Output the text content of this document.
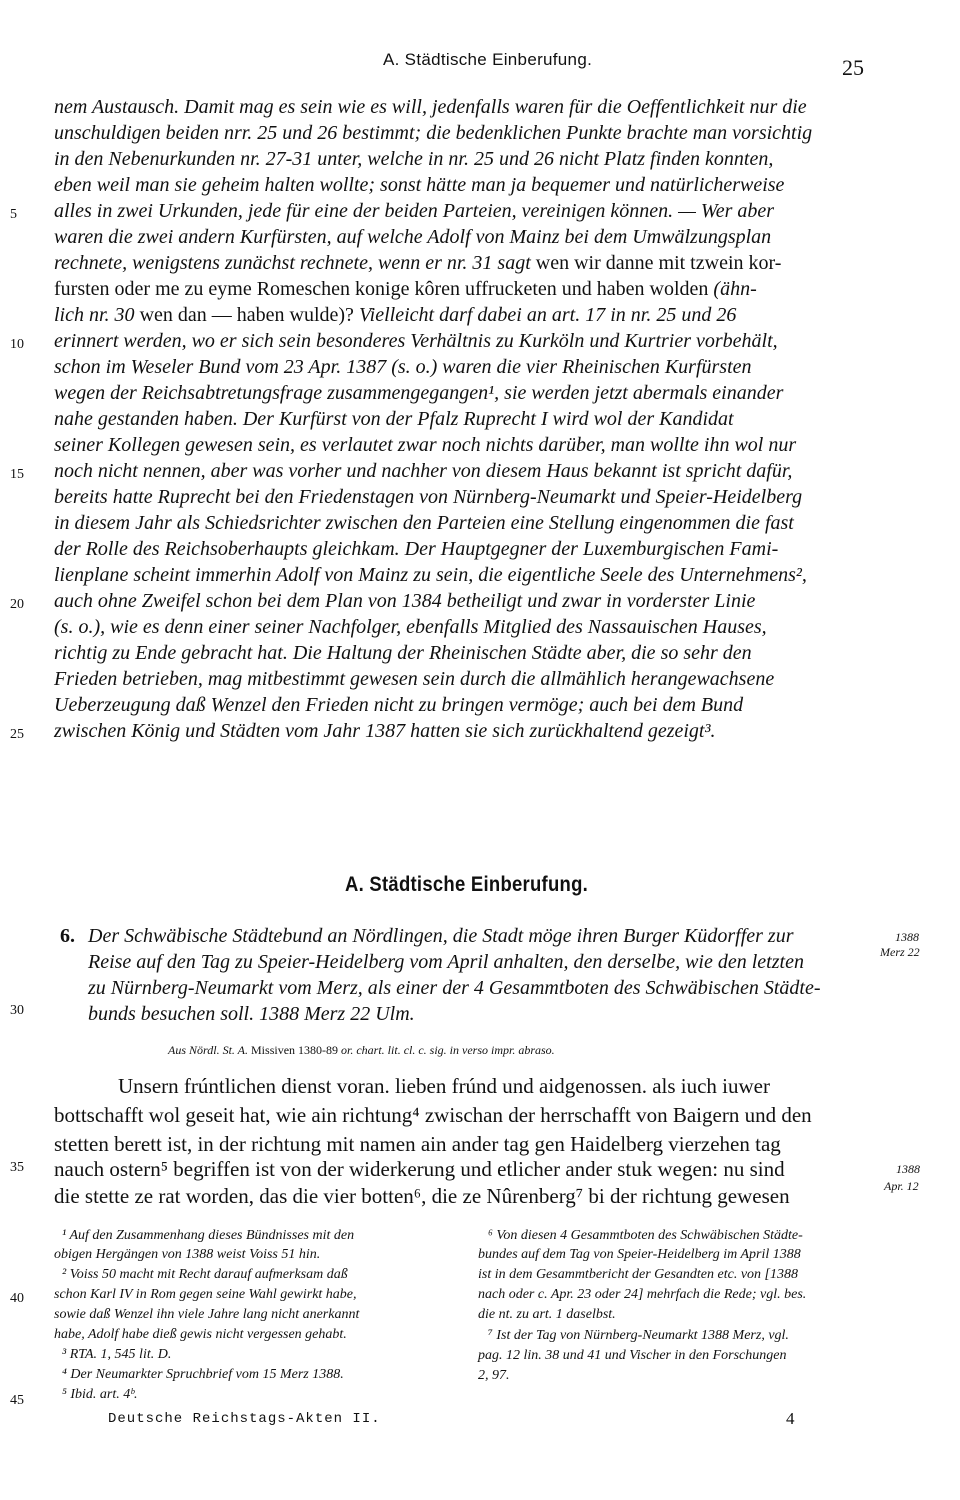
A. Städtische Einberufung.	25
nem Austausch. Damit mag es sein wie es will, jedenfalls waren für die Oeffentlichkeit nur die
unschuldigen beiden nrr. 25 und 26 bestimmt; die bedenklichen Punkte brachte man vorsichtig
in den Nebenurkunden nr. 27-31 unter, welche in nr. 25 und 26 nicht Platz finden konnten,
eben weil man sie geheim halten wollte; sonst hätte man ja bequemer und natürlicherweise
alles in zwei Urkunden, jede für eine der beiden Parteien, vereinigen können. — Wer aber
waren die zwei andern Kurfürsten, auf welche Adolf von Mainz bei dem Umwälzungsplan
rechnete, wenigstens zunächst rechnete, wenn er nr. 31 sagt wen wir danne mit tzwein kor-
fursten oder me zu eyme Romeschen konige kôren uffrucketen und haben wolden (ähn-
lich nr. 30 wen dan — haben wulde)? Vielleicht darf dabei an art. 17 in nr. 25 und 26
erinnert werden, wo er sich sein besonderes Verhältnis zu Kurköln und Kurtrier vorbehält,
schon im Weseler Bund vom 23 Apr. 1387 (s. o.) waren die vier Rheinischen Kurfürsten
wegen der Reichsabtretungsfrage zusammengegangen¹, sie werden jetzt abermals einander
nahe gestanden haben. Der Kurfürst von der Pfalz Ruprecht I wird wol der Kandidat
seiner Kollegen gewesen sein, es verlautet zwar noch nichts darüber, man wollte ihn wol nur
noch nicht nennen, aber was vorher und nachher von diesem Haus bekannt ist spricht dafür,
bereits hatte Ruprecht bei den Friedenstagen von Nürnberg-Neumarkt und Speier-Heidelberg
in diesem Jahr als Schiedsrichter zwischen den Parteien eine Stellung eingenommen die fast
der Rolle des Reichsoberhaupts gleichkam. Der Hauptgegner der Luxemburgischen Fami-
lienplane scheint immerhin Adolf von Mainz zu sein, die eigentliche Seele des Unternehmens²,
auch ohne Zweifel schon bei dem Plan von 1384 betheiligt und zwar in vorderster Linie
(s. o.), wie es denn einer seiner Nachfolger, ebenfalls Mitglied des Nassauischen Hauses,
richtig zu Ende gebracht hat. Die Haltung der Rheinischen Städte aber, die so sehr den
Frieden betrieben, mag mitbestimmt gewesen sein durch die allmählich herangewachsene
Ueberzeugung daß Wenzel den Frieden nicht zu bringen vermöge; auch bei dem Bund
zwischen König und Städten vom Jahr 1387 hatten sie sich zurückhaltend gezeigt³.
5
10
15
20
25
30
35
40
45
A. Städtische Einberufung.
6. Der Schwäbische Städtebund an Nördlingen, die Stadt möge ihren Burger Küdorffer zur
Reise auf den Tag zu Speier-Heidelberg vom April anhalten, den derselbe, wie den letzten
zu Nürnberg-Neumarkt vom Merz, als einer der 4 Gesammtboten des Schwäbischen Städte-
bunds besuchen soll. 1388 Merz 22 Ulm.
1388
Merz 22
Aus Nördl. St. A. Missiven 1380-89 or. chart. lit. cl. c. sig. in verso impr. abraso.
Unsern frúntlichen dienst voran. lieben frúnd und aidgenossen. als iuch iuwer
bottschafft wol geseit hat, wie ain richtung⁴ zwischan der herrschafft von Baigern und den
stetten berett ist, in der richtung mit namen ain ander tag gen Haidelberg vierzehen tag
nauch ostern⁵ begriffen ist von der widerkerung und etlicher ander stuk wegen: nu sind
die stette ze rat worden, das die vier botten⁶, die ze Nûrenberg⁷ bi der richtung gewesen
1388
Apr. 12
¹ Auf den Zusammenhang dieses Bündnisses mit den
obigen Hergängen von 1388 weist Voiss 51 hin.
² Voiss 50 macht mit Recht darauf aufmerksam daß
schon Karl IV in Rom gegen seine Wahl gewirkt habe,
sowie daß Wenzel ihn viele Jahre lang nicht anerkannt
habe, Adolf habe dieß gewis nicht vergessen gehabt.
³ RTA. 1, 545 lit. D.
⁴ Der Neumarkter Spruchbrief vom 15 Merz 1388.
⁵ Ibid. art. 4ᵇ.
⁶ Von diesen 4 Gesammtboten des Schwäbischen Städte-
bundes auf dem Tag von Speier-Heidelberg im April 1388
ist in dem Gesammtbericht der Gesandten etc. von [1388
nach oder c. Apr. 23 oder 24] mehrfach die Rede; vgl. bes.
die nt. zu art. 1 daselbst.
⁷ Ist der Tag von Nürnberg-Neumarkt 1388 Merz, vgl.
pag. 12 lin. 38 und 41 und Vischer in den Forschungen
2, 97.
Deutsche Reichstags-Akten II.	4
